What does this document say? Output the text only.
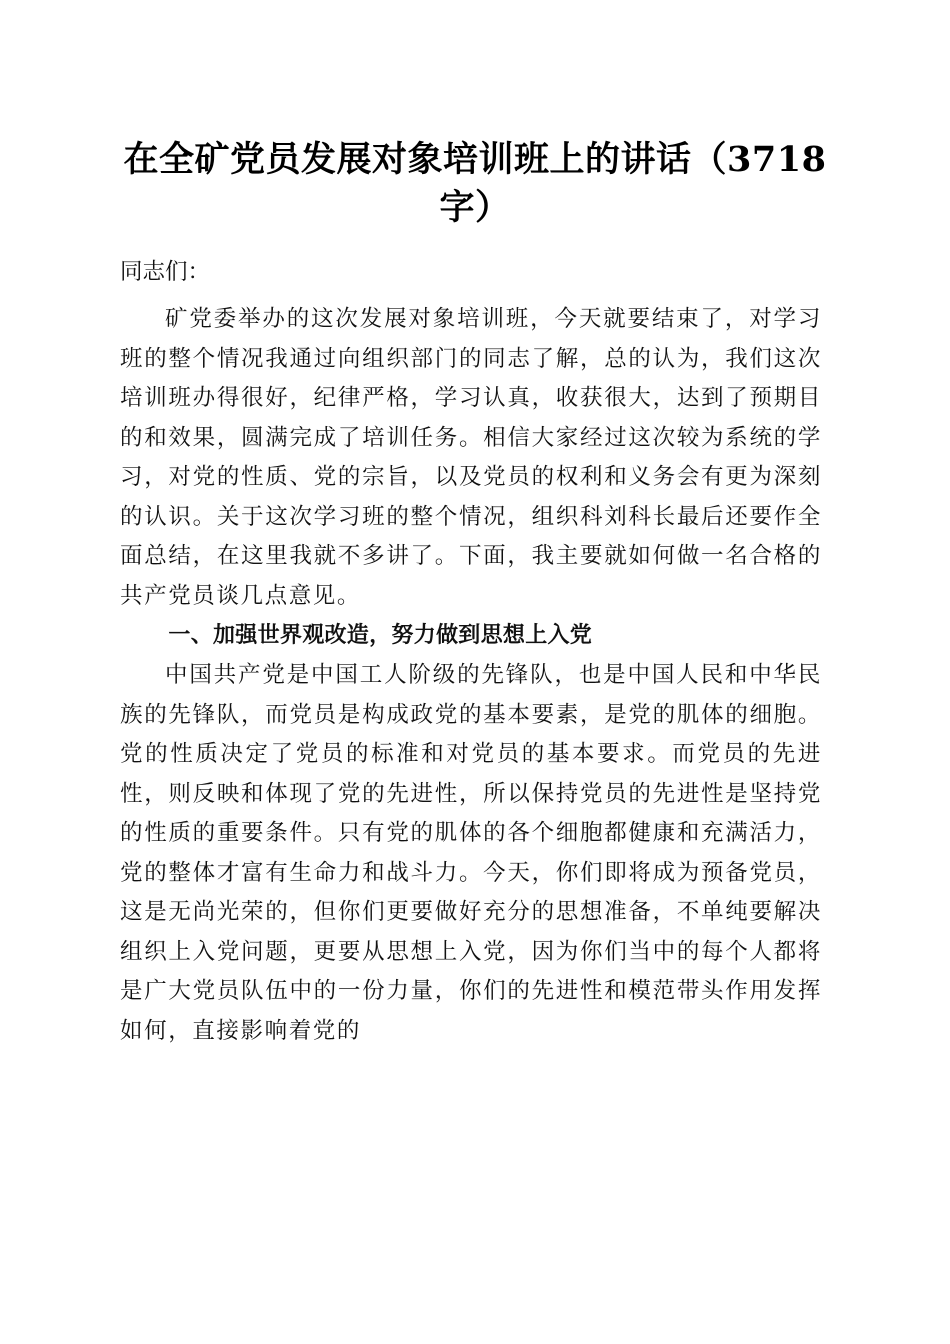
在全矿党员发展对象培训班上的讲话（3718字）

同志们：

矿党委举办的这次发展对象培训班，今天就要结束了，对学习班的整个情况我通过向组织部门的同志了解，总的认为，我们这次培训班办得很好，纪律严格，学习认真，收获很大，达到了预期目的和效果，圆满完成了培训任务。相信大家经过这次较为系统的学习，对党的性质、党的宗旨，以及党员的权利和义务会有更为深刻的认识。关于这次学习班的整个情况，组织科刘科长最后还要作全面总结，在这里我就不多讲了。下面，我主要就如何做一名合格的共产党员谈几点意见。

一、加强世界观改造，努力做到思想上入党

中国共产党是中国工人阶级的先锋队，也是中国人民和中华民族的先锋队，而党员是构成政党的基本要素，是党的肌体的细胞。党的性质决定了党员的标准和对党员的基本要求。而党员的先进性，则反映和体现了党的先进性，所以保持党员的先进性是坚持党的性质的重要条件。只有党的肌体的各个细胞都健康和充满活力，党的整体才富有生命力和战斗力。今天，你们即将成为预备党员，这是无尚光荣的，但你们更要做好充分的思想准备，不单纯要解决组织上入党问题，更要从思想上入党，因为你们当中的每个人都将是广大党员队伍中的一份力量，你们的先进性和模范带头作用发挥如何，直接影响着党的
